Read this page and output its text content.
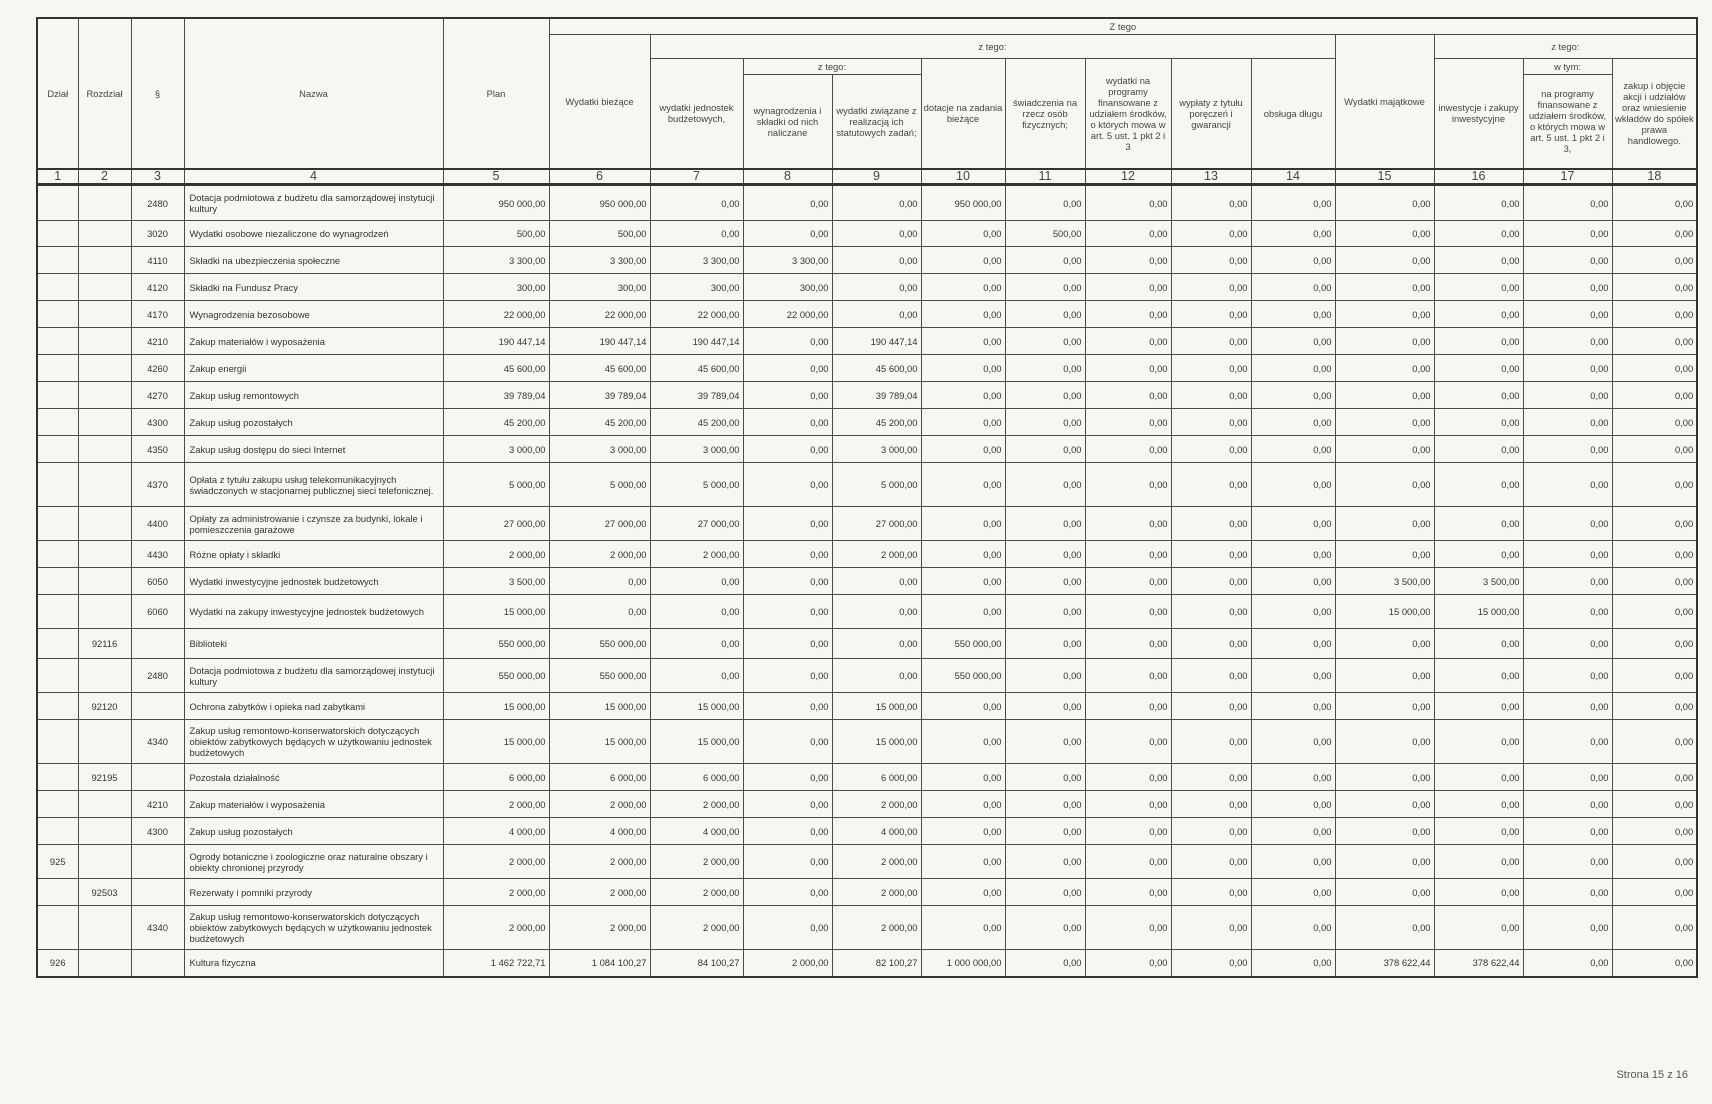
Dział	Rozdział	§	Nazwa	Plan	Z tego												
					Wydatki bieżące	z tego:								Wydatki majątkowe	z tego:		
						wydatki jednostek budżetowych,	z tego:		dotacje na zadania bieżące	świadczenia na rzecz osób fizycznych;	wydatki na programy finansowane z udziałem środków, o których mowa w art. 5 ust. 1 pkt 2 i 3	wypłaty z tytułu poręczeń i gwarancji	obsługa długu		inwestycje i zakupy inwestycyjne	w tym:	zakup i objęcie akcji i udziałów oraz wniesienie wkładów do spółek prawa handlowego.
							wynagrodzenia i składki od nich naliczane	wydatki związane z realizacją ich statutowych zadań;								na programy finansowane z udziałem środków, o których mowa w art. 5 ust. 1 pkt 2 i 3,	
1	2	3	4	5	6	7	8	9	10	11	12	13	14	15	16	17	18
		2480	Dotacja podmiotowa z budżetu dla samorządowej instytucji kultury	950 000,00	950 000,00	0,00	0,00	0,00	950 000,00	0,00	0,00	0,00	0,00	0,00	0,00	0,00	0,00
		3020	Wydatki osobowe niezaliczone do wynagrodzeń	500,00	500,00	0,00	0,00	0,00	0,00	500,00	0,00	0,00	0,00	0,00	0,00	0,00	0,00
		4110	Składki na ubezpieczenia społeczne	3 300,00	3 300,00	3 300,00	3 300,00	0,00	0,00	0,00	0,00	0,00	0,00	0,00	0,00	0,00	0,00
		4120	Składki na Fundusz Pracy	300,00	300,00	300,00	300,00	0,00	0,00	0,00	0,00	0,00	0,00	0,00	0,00	0,00	0,00
		4170	Wynagrodzenia bezosobowe	22 000,00	22 000,00	22 000,00	22 000,00	0,00	0,00	0,00	0,00	0,00	0,00	0,00	0,00	0,00	0,00
		4210	Zakup materiałów i wyposażenia	190 447,14	190 447,14	190 447,14	0,00	190 447,14	0,00	0,00	0,00	0,00	0,00	0,00	0,00	0,00	0,00
		4260	Zakup energii	45 600,00	45 600,00	45 600,00	0,00	45 600,00	0,00	0,00	0,00	0,00	0,00	0,00	0,00	0,00	0,00
		4270	Zakup usług remontowych	39 789,04	39 789,04	39 789,04	0,00	39 789,04	0,00	0,00	0,00	0,00	0,00	0,00	0,00	0,00	0,00
		4300	Zakup usług pozostałych	45 200,00	45 200,00	45 200,00	0,00	45 200,00	0,00	0,00	0,00	0,00	0,00	0,00	0,00	0,00	0,00
		4350	Zakup usług dostępu do sieci Internet	3 000,00	3 000,00	3 000,00	0,00	3 000,00	0,00	0,00	0,00	0,00	0,00	0,00	0,00	0,00	0,00
		4370	Opłata z tytułu zakupu usług telekomunikacyjnych świadczonych w stacjonarnej publicznej sieci telefonicznej.	5 000,00	5 000,00	5 000,00	0,00	5 000,00	0,00	0,00	0,00	0,00	0,00	0,00	0,00	0,00	0,00
		4400	Opłaty za administrowanie i czynsze za budynki, lokale i pomieszczenia garażowe	27 000,00	27 000,00	27 000,00	0,00	27 000,00	0,00	0,00	0,00	0,00	0,00	0,00	0,00	0,00	0,00
		4430	Różne opłaty i składki	2 000,00	2 000,00	2 000,00	0,00	2 000,00	0,00	0,00	0,00	0,00	0,00	0,00	0,00	0,00	0,00
		6050	Wydatki inwestycyjne jednostek budżetowych	3 500,00	0,00	0,00	0,00	0,00	0,00	0,00	0,00	0,00	0,00	3 500,00	3 500,00	0,00	0,00
		6060	Wydatki na zakupy inwestycyjne jednostek budżetowych	15 000,00	0,00	0,00	0,00	0,00	0,00	0,00	0,00	0,00	0,00	15 000,00	15 000,00	0,00	0,00
	92116		Biblioteki	550 000,00	550 000,00	0,00	0,00	0,00	550 000,00	0,00	0,00	0,00	0,00	0,00	0,00	0,00	0,00
		2480	Dotacja podmiotowa z budżetu dla samorządowej instytucji kultury	550 000,00	550 000,00	0,00	0,00	0,00	550 000,00	0,00	0,00	0,00	0,00	0,00	0,00	0,00	0,00
	92120		Ochrona zabytków i opieka nad zabytkami	15 000,00	15 000,00	15 000,00	0,00	15 000,00	0,00	0,00	0,00	0,00	0,00	0,00	0,00	0,00	0,00
		4340	Zakup usług remontowo-konserwatorskich dotyczących obiektów zabytkowych będących w użytkowaniu jednostek budżetowych	15 000,00	15 000,00	15 000,00	0,00	15 000,00	0,00	0,00	0,00	0,00	0,00	0,00	0,00	0,00	0,00
	92195		Pozostała działalność	6 000,00	6 000,00	6 000,00	0,00	6 000,00	0,00	0,00	0,00	0,00	0,00	0,00	0,00	0,00	0,00
		4210	Zakup materiałów i wyposażenia	2 000,00	2 000,00	2 000,00	0,00	2 000,00	0,00	0,00	0,00	0,00	0,00	0,00	0,00	0,00	0,00
		4300	Zakup usług pozostałych	4 000,00	4 000,00	4 000,00	0,00	4 000,00	0,00	0,00	0,00	0,00	0,00	0,00	0,00	0,00	0,00
925			Ogrody botaniczne i zoologiczne oraz naturalne obszary i obiekty chronionej przyrody	2 000,00	2 000,00	2 000,00	0,00	2 000,00	0,00	0,00	0,00	0,00	0,00	0,00	0,00	0,00	0,00
	92503		Rezerwaty i pomniki przyrody	2 000,00	2 000,00	2 000,00	0,00	2 000,00	0,00	0,00	0,00	0,00	0,00	0,00	0,00	0,00	0,00
		4340	Zakup usług remontowo-konserwatorskich dotyczących obiektów zabytkowych będących w użytkowaniu jednostek budżetowych	2 000,00	2 000,00	2 000,00	0,00	2 000,00	0,00	0,00	0,00	0,00	0,00	0,00	0,00	0,00	0,00
926			Kultura fizyczna	1 462 722,71	1 084 100,27	84 100,27	2 000,00	82 100,27	1 000 000,00	0,00	0,00	0,00	0,00	378 622,44	378 622,44	0,00	0,00
Strona 15 z 16
